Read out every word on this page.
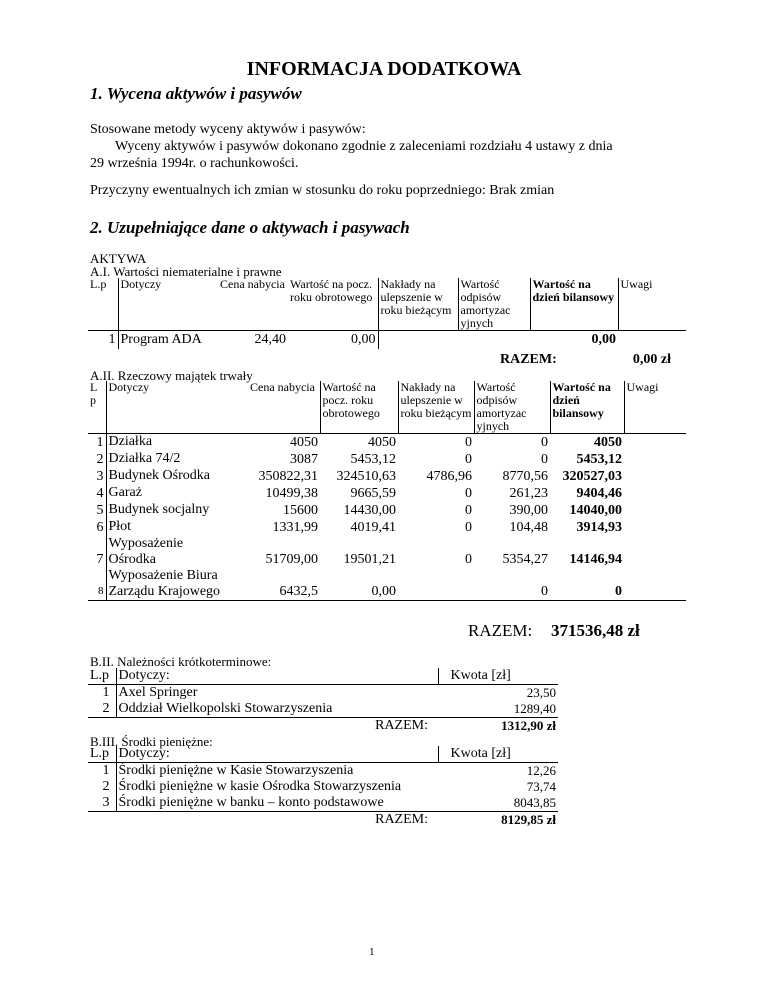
INFORMACJA DODATKOWA
1. Wycena aktywów i pasywów
Stosowane metody wyceny aktywów i pasywów:
Wyceny aktywów i pasywów dokonano zgodnie z zaleceniami rozdziału 4 ustawy z dnia
29 września 1994r. o rachunkowości.
Przyczyny ewentualnych ich zmian w stosunku do roku poprzedniego: Brak zmian
2. Uzupełniające dane o aktywach i pasywach
AKTYWA
A.I. Wartości niematerialne i prawne
L.p	Dotyczy	Cena nabycia	Wartość na pocz. roku obrotowego	Nakłady na ulepszenie w roku bieżącym	Wartość odpisów amortyzac yjnych	Wartość na dzień bilansowy	Uwagi
1	Program ADA	24,40	0,00			0,00	
RAZEM:	0,00 zł
A.II. Rzeczowy majątek trwały
L p	Dotyczy	Cena nabycia	Wartość na pocz. roku obrotowego	Nakłady na ulepszenie w roku bieżącym	Wartość odpisów amortyzac yjnych	Wartość na dzień bilansowy	Uwagi
1	Działka	4050	4050	0	0	4050	
2	Działka 74/2	3087	5453,12	0	0	5453,12	
3	Budynek Ośrodka	350822,31	324510,63	4786,96	8770,56	320527,03	
4	Garaż	10499,38	9665,59	0	261,23	9404,46	
5	Budynek socjalny	15600	14430,00	0	390,00	14040,00	
6	Płot	1331,99	4019,41	0	104,48	3914,93	
7	Wyposażenie Ośrodka	51709,00	19501,21	0	5354,27	14146,94	
8	Wyposażenie Biura Zarządu Krajowego	6432,5	0,00		0	0	
RAZEM: 371536,48 zł
B.II. Należności krótkoterminowe:
L.p	Dotyczy:	Kwota [zł]
1	Axel Springer	23,50
2	Oddział Wielkopolski Stowarzyszenia	1289,40
	RAZEM:	1312,90 zł
B.III. Środki pieniężne:
L.p	Dotyczy:	Kwota [zł]
1	Środki pieniężne w Kasie Stowarzyszenia	12,26
2	Środki pieniężne w kasie Ośrodka Stowarzyszenia	73,74
3	Środki pieniężne w banku – konto podstawowe	8043,85
	RAZEM:	8129,85 zł
1
